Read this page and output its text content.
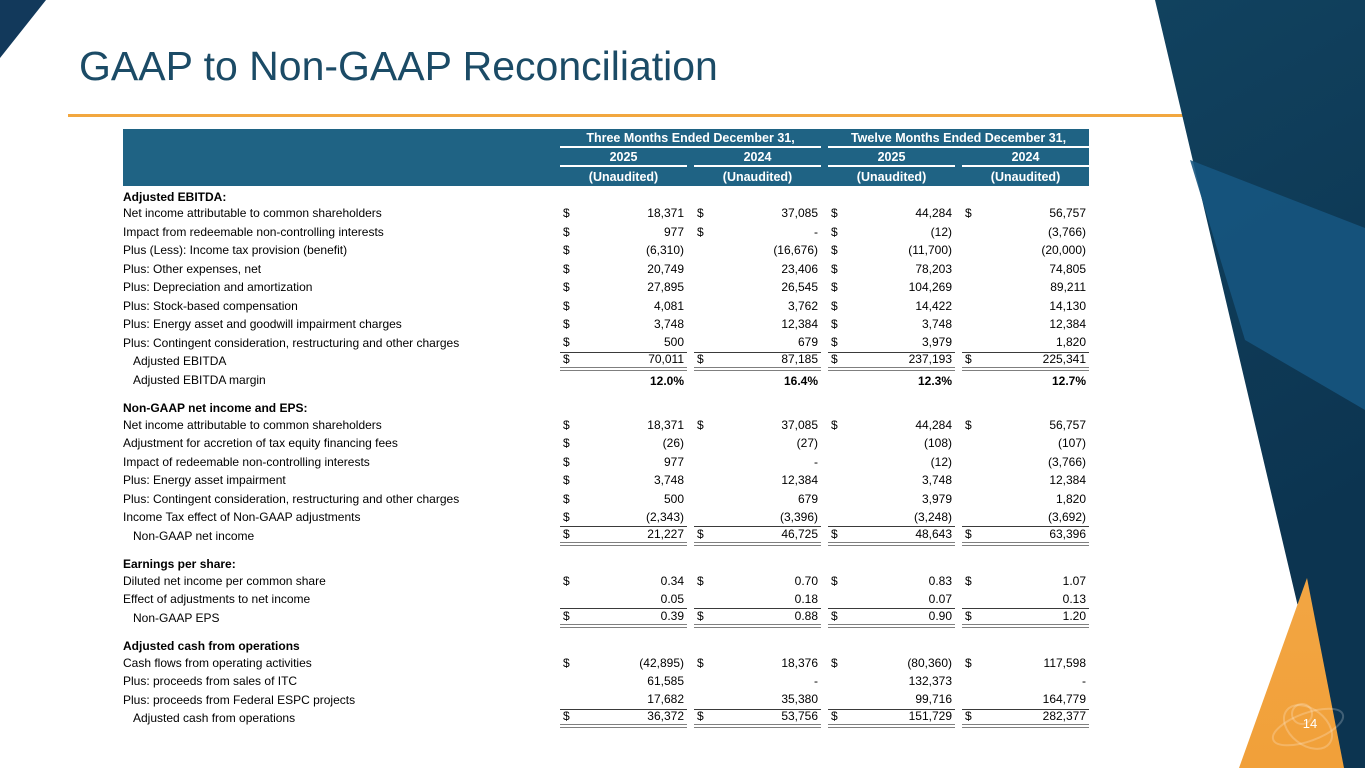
GAAP to Non-GAAP Reconciliation
14
	Three Months Ended December 31,		Twelve Months Ended December 31,	
	2025	2024	2025	2024
	(Unaudited)	(Unaudited)	(Unaudited)	(Unaudited)
Adjusted EBITDA:				
Net income attributable to common shareholders	$ 18,371	$ 37,085	$ 44,284	$ 56,757

Impact from redeemable non-controlling interests	$ 977	$ -	$ (12)	(3,766)

Plus (Less): Income tax provision (benefit)	$ (6,310)	(16,676)	$ (11,700)	(20,000)

Plus: Other expenses, net	$ 20,749	23,406	$ 78,203	74,805

Plus: Depreciation and amortization	$ 27,895	26,545	$ 104,269	89,211

Plus: Stock-based compensation	$ 4,081	3,762	$ 14,422	14,130

Plus: Energy asset and goodwill impairment charges	$ 3,748	12,384	$ 3,748	12,384

Plus: Contingent consideration, restructuring and other charges	$ 500	679	$ 3,979	1,820

Adjusted EBITDA	$ 70,011	$ 87,185	$ 237,193	$ 225,341

Adjusted EBITDA margin	12.0%	16.4%	12.3%	12.7%

Non-GAAP net income and EPS:				
Net income attributable to common shareholders	$ 18,371	$ 37,085	$ 44,284	$ 56,757

Adjustment for accretion of tax equity financing fees	$ (26)	(27)	(108)	(107)

Impact of redeemable non-controlling interests	$ 977	-	(12)	(3,766)

Plus: Energy asset impairment	$ 3,748	12,384	3,748	12,384

Plus: Contingent consideration, restructuring and other charges	$ 500	679	3,979	1,820

Income Tax effect of Non-GAAP adjustments	$ (2,343)	(3,396)	(3,248)	(3,692)

Non-GAAP net income	$ 21,227	$ 46,725	$ 48,643	$ 63,396

Earnings per share:				
Diluted net income per common share	$ 0.34	$ 0.70	$ 0.83	$ 1.07

Effect of adjustments to net income	0.05	0.18	0.07	0.13

Non-GAAP EPS	$ 0.39	$ 0.88	$ 0.90	$ 1.20

Adjusted cash from operations				
Cash flows from operating activities	$ (42,895)	$ 18,376	$ (80,360)	$ 117,598

Plus: proceeds from sales of ITC	61,585	-	132,373	-

Plus: proceeds from Federal ESPC projects	17,682	35,380	99,716	164,779

Adjusted cash from operations	$ 36,372	$ 53,756	$ 151,729	$ 282,377
